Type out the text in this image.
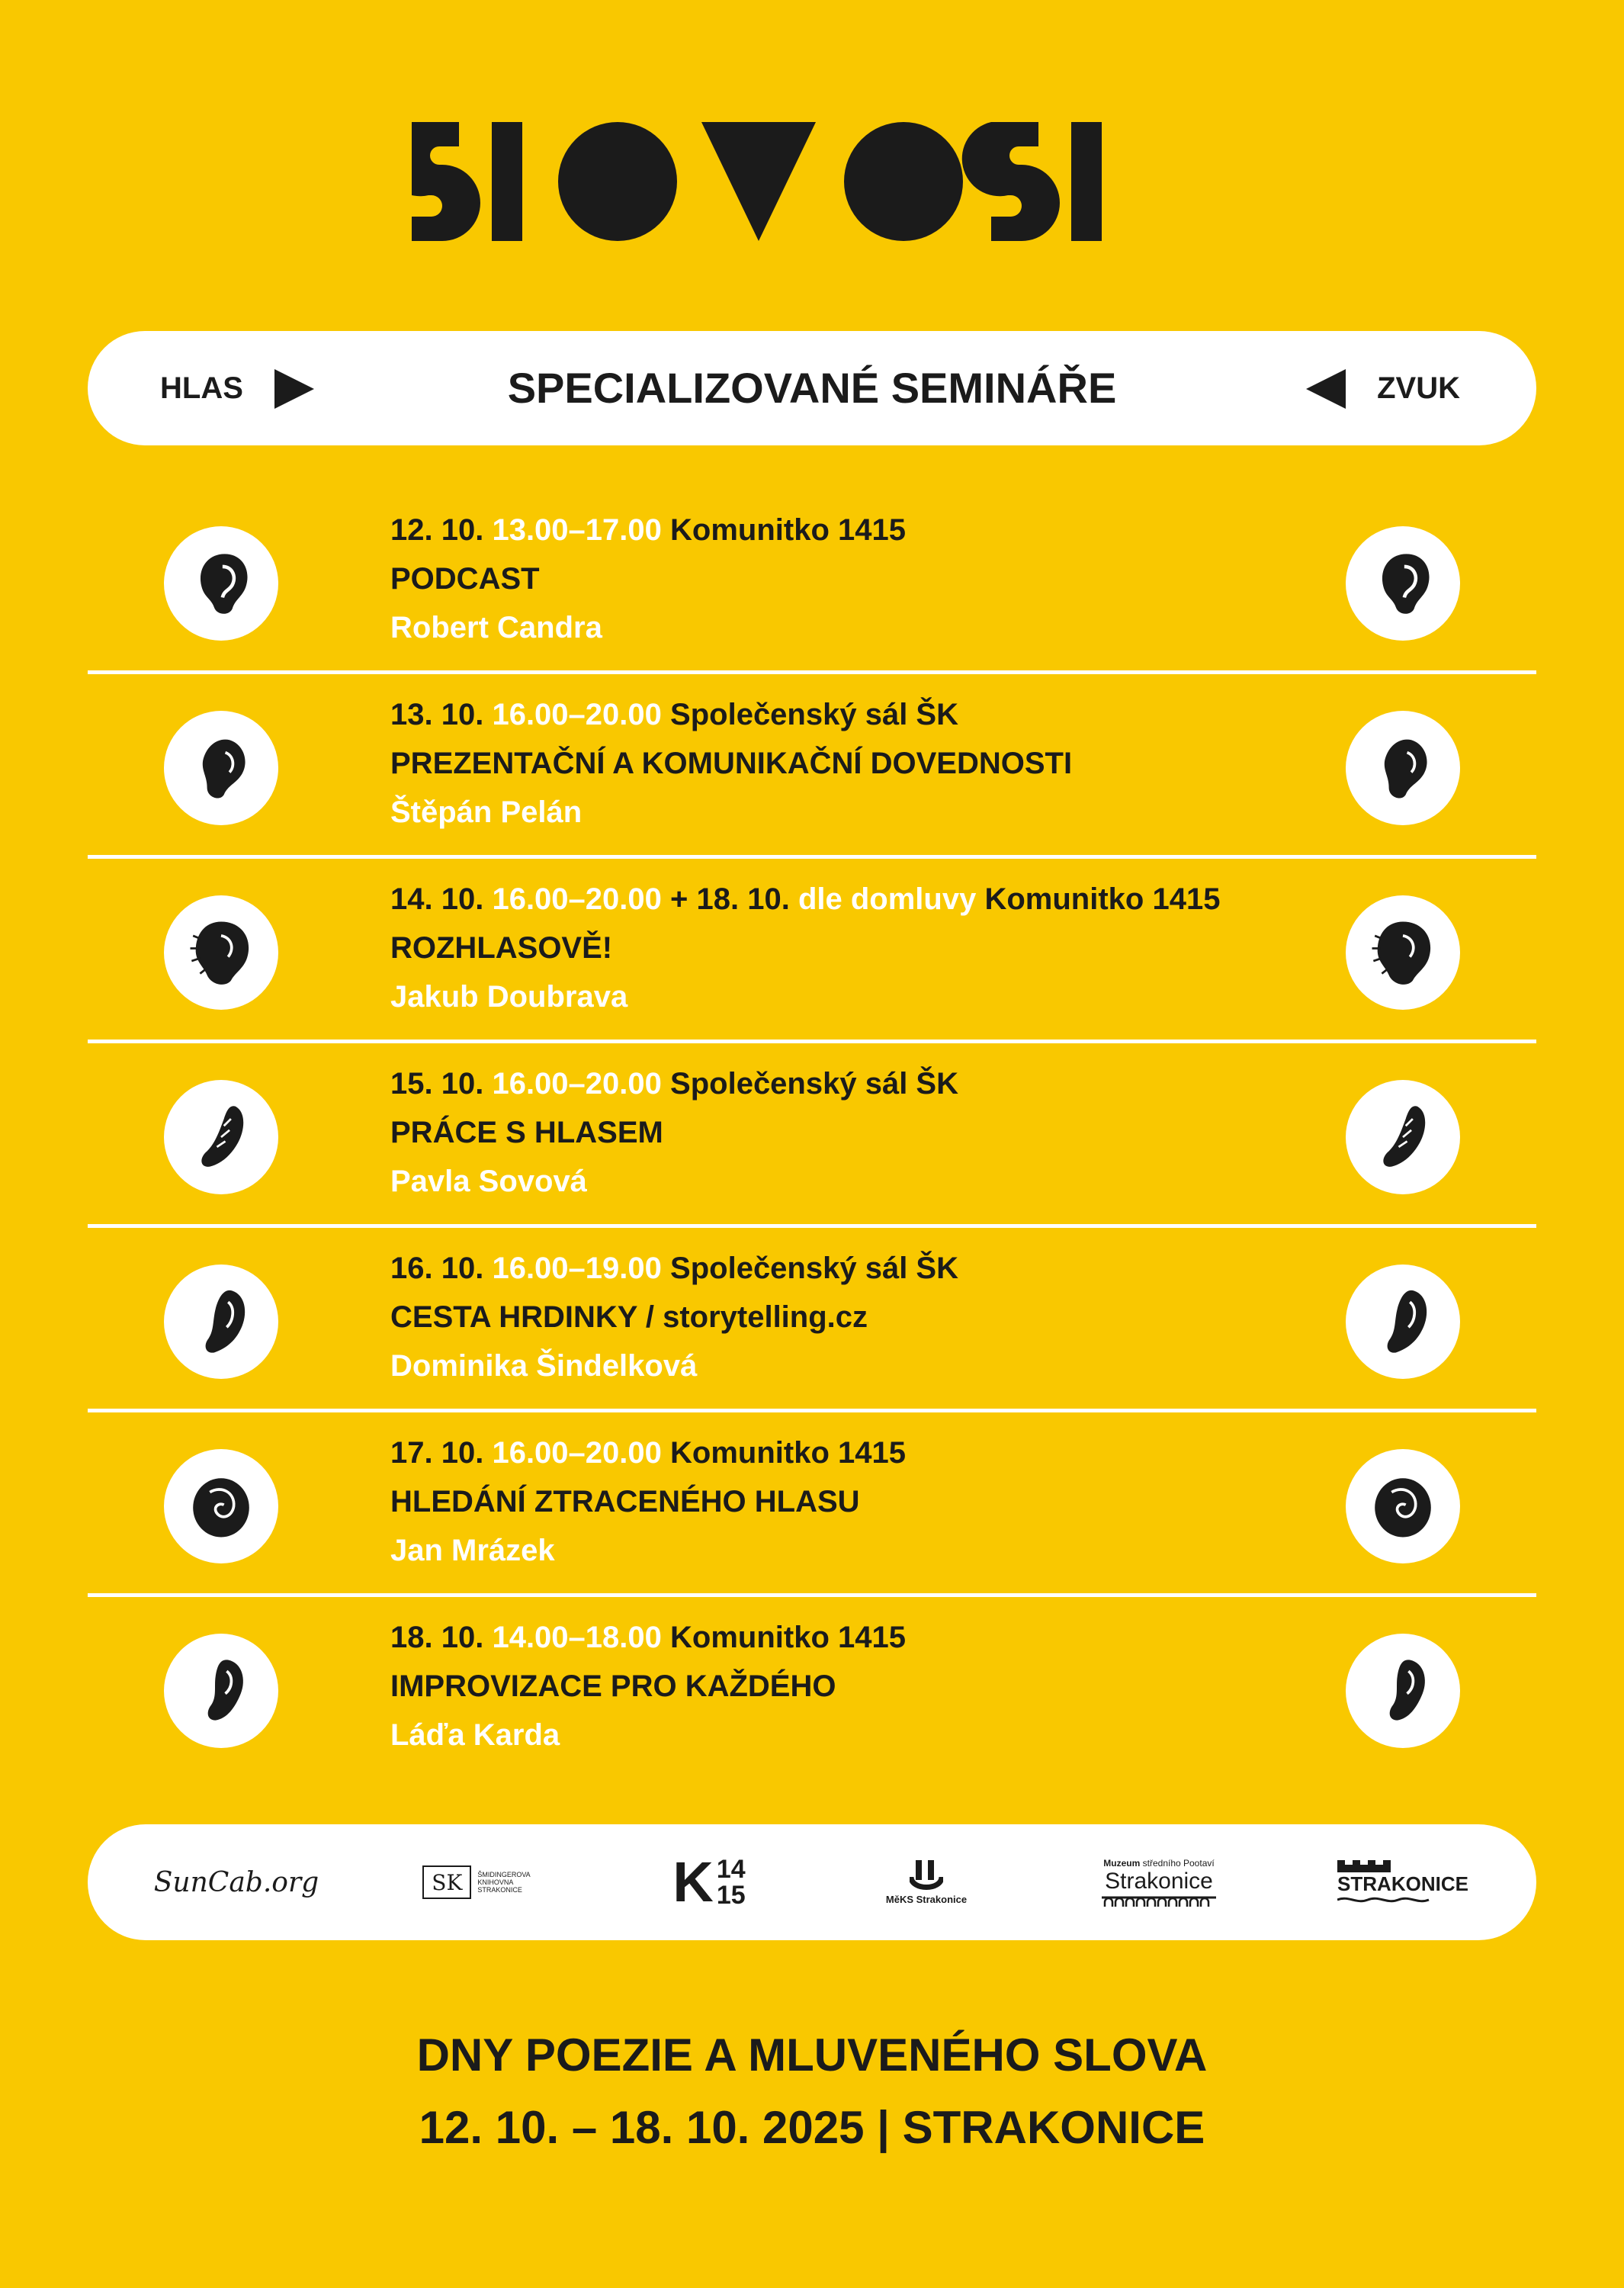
HLAS	SPECIALIZOVANÉ SEMINÁŘE	ZVUK
12. 10. 13.00–17.00 Komunitko 1415
PODCAST
Robert Candra
13. 10. 16.00–20.00 Společenský sál ŠK
PREZENTAČNÍ A KOMUNIKAČNÍ DOVEDNOSTI
Štěpán Pelán
14. 10. 16.00–20.00 + 18. 10. dle domluvy Komunitko 1415
ROZHLASOVĚ!
Jakub Doubrava
15. 10. 16.00–20.00 Společenský sál ŠK
PRÁCE S HLASEM
Pavla Sovová
16. 10. 16.00–19.00 Společenský sál ŠK
CESTA HRDINKY / storytelling.cz
Dominika Šindelková
17. 10. 16.00–20.00 Komunitko 1415
HLEDÁNÍ ZTRACENÉHO HLASU
Jan Mrázek
18. 10. 14.00–18.00 Komunitko 1415
IMPROVIZACE PRO KAŽDÉHO
Láďa Karda
SunCab.org	SK ŠMIDINGEROVA
KNIHOVNA
STRAKONICE	K 14
15	MěKS Strakonice
Muzeum středního Pootaví
Strakonice	STRAKONICE
DNY POEZIE A MLUVENÉHO SLOVA
12. 10. – 18. 10. 2025 | STRAKONICE
